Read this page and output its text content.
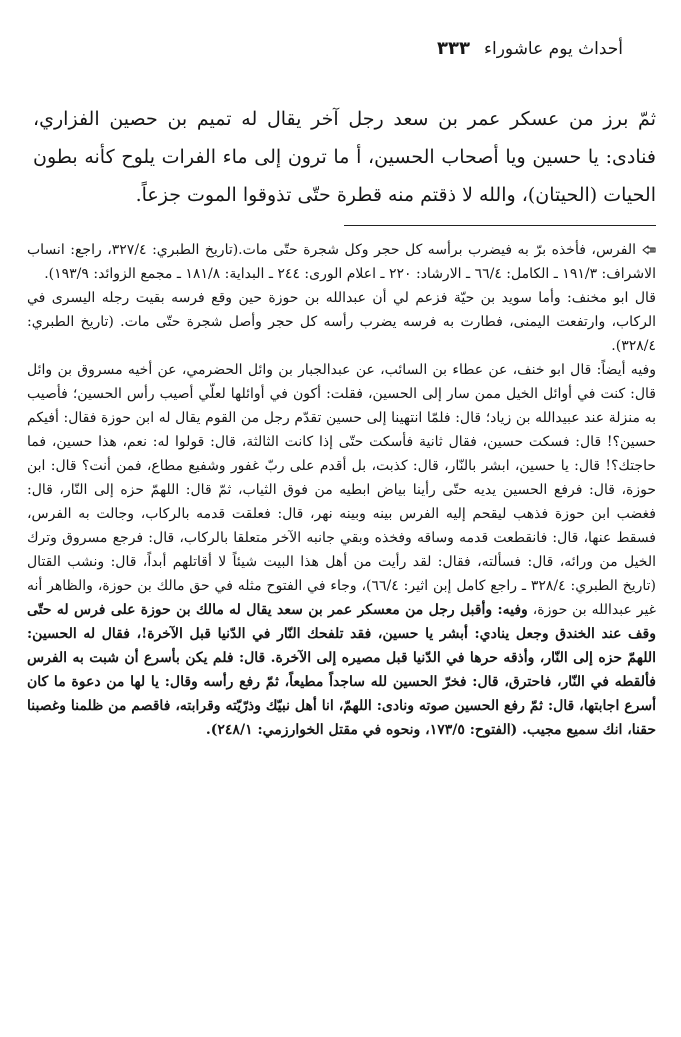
أحداث يوم عاشوراء
٣٣٣

ثمّ برز من عسكر عمر بن سعد رجل آخر يقال له تميم بن حصين الفزاري، فنادى: يا حسين ويا أصحاب الحسين، أ ما ترون إلى ماء الفرات يلوح كأنه بطون الحيات (الحيتان)، والله لا ذقتم منه قطرة حتّى تذوقوا الموت جزعاً.

الفرس، فأخذه برّ به فيضرب برأسه كل حجر وكل شجرة حتّى مات.(تاريخ الطبري: ٣٢٧/٤، راجع: انساب الاشراف: ١٩١/٣ ـ الكامل: ٦٦/٤ ـ الارشاد: ٢٢٠ ـ اعلام الورى: ٢٤٤ ـ البداية: ١٨١/٨ ـ مجمع الزوائد: ١٩٣/٩).

قال ابو مخنف: وأما سويد بن حيّة فزعم لي أن عبدالله بن حوزة حين وقع فرسه بقيت رجله اليسرى في الركاب، وارتفعت اليمنى، فطارت به فرسه يضرب رأسه كل حجر وأصل شجرة حتّى مات. (تاريخ الطبري: ٣٢٨/٤).

وفيه أيضاً: قال ابو خنف، عن عطاء بن السائب، عن عبدالجبار بن وائل الحضرمي، عن أخيه مسروق بن وائل قال: كنت في أوائل الخيل ممن سار إلى الحسين، فقلت: أكون في أوائلها لعلّي أصيب رأس الحسين؛ فأصيب به منزلة عند عبيدالله بن زياد؛ قال: فلمّا انتهينا إلى حسين تقدّم رجل من القوم يقال له ابن حوزة فقال: أفيكم حسين؟! قال: فسكت حسين، فقال ثانية فأسكت حتّى إذا كانت الثالثة، قال: قولوا له: نعم، هذا حسين، فما حاجتك؟! قال: يا حسين، ابشر بالنّار، قال: كذبت، بل أقدم على ربّ غفور وشفيع مطاع، فمن أنت؟ قال: ابن حوزة، قال: فرفع الحسين يديه حتّى رأينا بياض ابطيه من فوق الثياب، ثمّ قال: اللهمّ حزه إلى النّار، قال: فغضب ابن حوزة فذهب ليقحم إليه الفرس بينه وبينه نهر، قال: فعلقت قدمه بالركاب، وجالت به الفرس، فسقط عنها، قال: فانقطعت قدمه وساقه وفخذه وبقي جانبه الآخر متعلقا بالركاب، قال: فرجع مسروق وترك الخيل من ورائه، قال: فسألته، فقال: لقد رأيت من أهل هذا البيت شيئاً لا أقاتلهم أبداً، قال: ونشب القتال (تاريخ الطبري: ٣٢٨/٤ ـ راجع كامل إبن اثير: ٦٦/٤)، وجاء في الفتوح مثله في حق مالك بن حوزة، والظاهر أنه غير عبدالله بن حوزة، وفيه: وأقبل رجل من معسكر عمر بن سعد يقال له مالك بن حوزة على فرس له حتّى وقف عند الخندق وجعل ينادي: أبشر يا حسين، فقد تلفحك النّار في الدّنيا قبل الآخرة!، فقال له الحسين: اللهمّ حزه إلى النّار، وأذقه حرها في الدّنيا قبل مصيره إلى الآخرة. قال: فلم يكن بأسرع أن شبت به الفرس فألقطه في النّار، فاحترق، قال: فخرّ الحسين لله ساجداً مطيعاً، ثمّ رفع رأسه وقال: يا لها من دعوة ما كان أسرع اجابتها، قال: ثمّ رفع الحسين صوته ونادى: اللهمّ، انا أهل نبيّك وذرّيّته وقرابته، فاقصم من ظلمنا وغصبنا حقنا، انك سميع مجيب. (الفتوح: ١٧٣/٥، ونحوه في مقتل الخوارزمي: ٢٤٨/١).
